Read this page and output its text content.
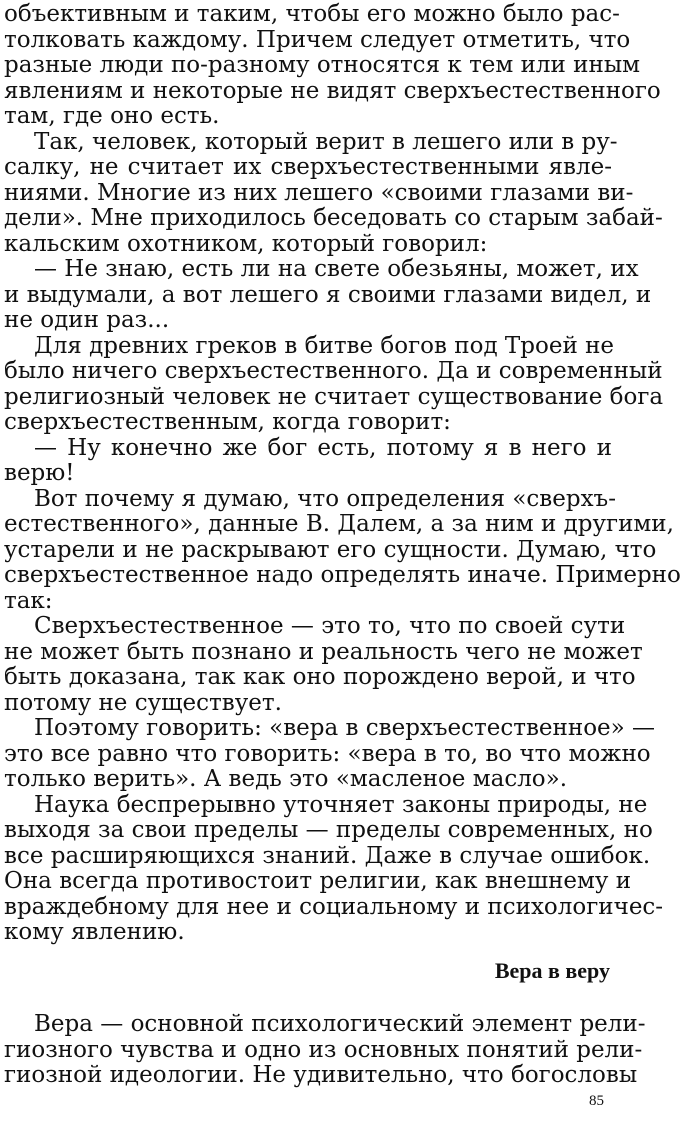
объективным и таким, чтобы его можно было рас-
толковать каждому. Причем следует отметить, что
разные люди по-разному относятся к тем или иным
явлениям и некоторые не видят сверхъестественного
там, где оно есть.
Так, человек, который верит в лешего или в ру-
салку, не считает их сверхъестественными явле-
ниями. Многие из них лешего «своими глазами ви-
дели». Мне приходилось беседовать со старым забай-
кальским охотником, который говорил:
— Не знаю, есть ли на свете обезьяны, может, их
и выдумали, а вот лешего я своими глазами видел, и
не один раз...
Для древних греков в битве богов под Троей не
было ничего сверхъестественного. Да и современный
религиозный человек не считает существование бога
сверхъестественным, когда говорит:
— Ну конечно же бог есть, потому я в него и
верю!
Вот почему я думаю, что определения «сверхъ-
естественного», данные В. Далем, а за ним и другими,
устарели и не раскрывают его сущности. Думаю, что
сверхъестественное надо определять иначе. Примерно
так:
Сверхъестественное — это то, что по своей сути
не может быть познано и реальность чего не может
быть доказана, так как оно порождено верой, и что
потому не существует.
Поэтому говорить: «вера в сверхъестественное» —
это все равно что говорить: «вера в то, во что можно
только верить». А ведь это «масленое масло».
Наука беспрерывно уточняет законы природы, не
выходя за свои пределы — пределы современных, но
все расширяющихся знаний. Даже в случае ошибок.
Она всегда противостоит религии, как внешнему и
враждебному для нее и социальному и психологичес-
кому явлению.
Вера в веру
Вера — основной психологический элемент рели-
гиозного чувства и одно из основных понятий рели-
гиозной идеологии. Не удивительно, что богословы
85
